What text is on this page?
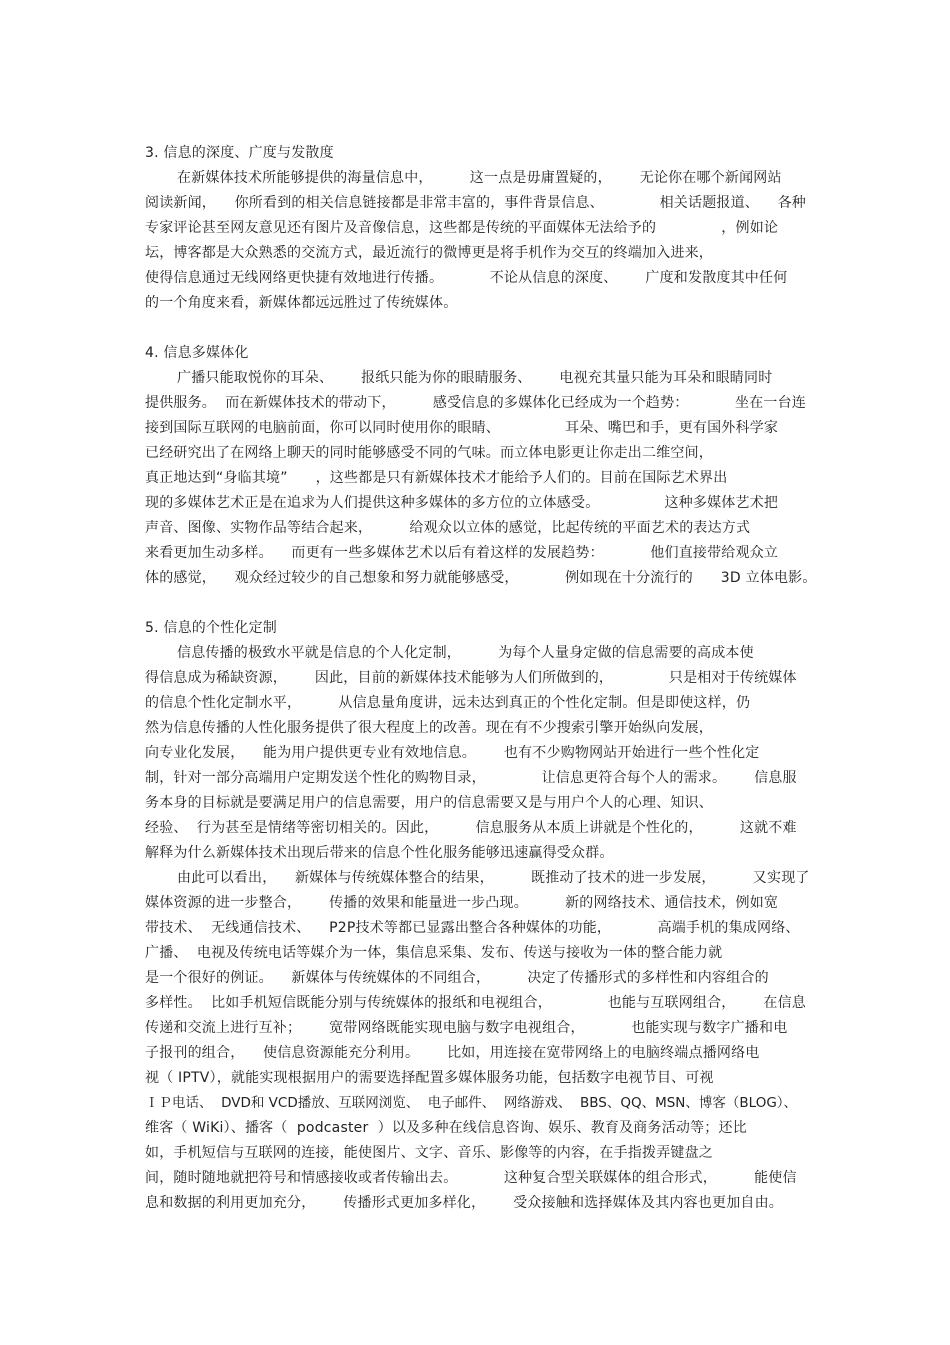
3. 信息的深度、广度与发散度
在新媒体技术所能够提供的海量信息中，        这一点是毋庸置疑的，      无论你在哪个新闻网站
阅读新闻，    你所看到的相关信息链接都是非常丰富的，事件背景信息、            相关话题报道、    各种
专家评论甚至网友意见还有图片及音像信息，这些都是传统的平面媒体无法给予的              ，例如论
坛，博客都是大众熟悉的交流方式，最近流行的微博更是将手机作为交互的终端加入进来，
使得信息通过无线网络更快捷有效地进行传播。          不论从信息的深度、      广度和发散度其中任何
的一个角度来看，新媒体都远远胜过了传统媒体。
4. 信息多媒体化
广播只能取悦你的耳朵、      报纸只能为你的眼睛服务、      电视充其量只能为耳朵和眼睛同时
提供服务。  而在新媒体技术的带动下，        感受信息的多媒体化已经成为一个趋势：          坐在一台连
接到国际互联网的电脑前面，你可以同时使用你的眼睛、              耳朵、嘴巴和手，更有国外科学家
已经研究出了在网络上聊天的同时能够感受不同的气味。而立体电影更让你走出二维空间，
真正地达到“身临其境”      ，这些都是只有新媒体技术才能给予人们的。目前在国际艺术界出
现的多媒体艺术正是在追求为人们提供这种多媒体的多方位的立体感受。              这种多媒体艺术把
声音、图像、实物作品等结合起来，        给观众以立体的感觉，比起传统的平面艺术的表达方式
来看更加生动多样。    而更有一些多媒体艺术以后有着这样的发展趋势：          他们直接带给观众立
体的感觉，    观众经过较少的自己想象和努力就能够感受，          例如现在十分流行的      3D 立体电影。
5. 信息的个性化定制
信息传播的极致水平就是信息的个人化定制，        为每个人量身定做的信息需要的高成本使
得信息成为稀缺资源，      因此，目前的新媒体技术能够为人们所做到的，            只是相对于传统媒体
的信息个性化定制水平，        从信息量角度讲，远未达到真正的个性化定制。但是即使这样，仍
然为信息传播的人性化服务提供了很大程度上的改善。现在有不少搜索引擎开始纵向发展，
向专业化发展，    能为用户提供更专业有效地信息。      也有不少购物网站开始进行一些个性化定
制，针对一部分高端用户定期发送个性化的购物目录，            让信息更符合每个人的需求。      信息服
务本身的目标就是要满足用户的信息需要，用户的信息需要又是与用户个人的心理、知识、
经验、  行为甚至是情绪等密切相关的。因此，        信息服务从本质上讲就是个性化的，        这就不难
解释为什么新媒体技术出现后带来的信息个性化服务能够迅速赢得受众群。
由此可以看出，    新媒体与传统媒体整合的结果，        既推动了技术的进一步发展，        又实现了
媒体资源的进一步整合，      传播的效果和能量进一步凸现。        新的网络技术、通信技术，例如宽
带技术、  无线通信技术、    P2P技术等都已显露出整合各种媒体的功能，          高端手机的集成网络、
广播、  电视及传统电话等媒介为一体，集信息采集、发布、传送与接收为一体的整合能力就
是一个很好的例证。    新媒体与传统媒体的不同组合，        决定了传播形式的多样性和内容组合的
多样性。  比如手机短信既能分别与传统媒体的报纸和电视组合，            也能与互联网组合，      在信息
传递和交流上进行互补；      宽带网络既能实现电脑与数字电视组合，          也能实现与数字广播和电
子报刊的组合，    使信息资源能充分利用。      比如，用连接在宽带网络上的电脑终端点播网络电
视（ IPTV），就能实现根据用户的需要选择配置多媒体服务功能，包括数字电视节目、可视
ＩＰ电话、  DVD和 VCD播放、互联网浏览、  电子邮件、  网络游戏、  BBS、QQ、MSN、博客（BLOG）、
维客（ WiKi）、播客（  podcaster  ）以及多种在线信息咨询、娱乐、教育及商务活动等；还比
如，手机短信与互联网的连接，能使图片、文字、音乐、影像等的内容，在手指拨弄键盘之
间，随时随地就把符号和情感接收或者传输出去。          这种复合型关联媒体的组合形式，        能使信
息和数据的利用更加充分，      传播形式更加多样化，      受众接触和选择媒体及其内容也更加自由。
